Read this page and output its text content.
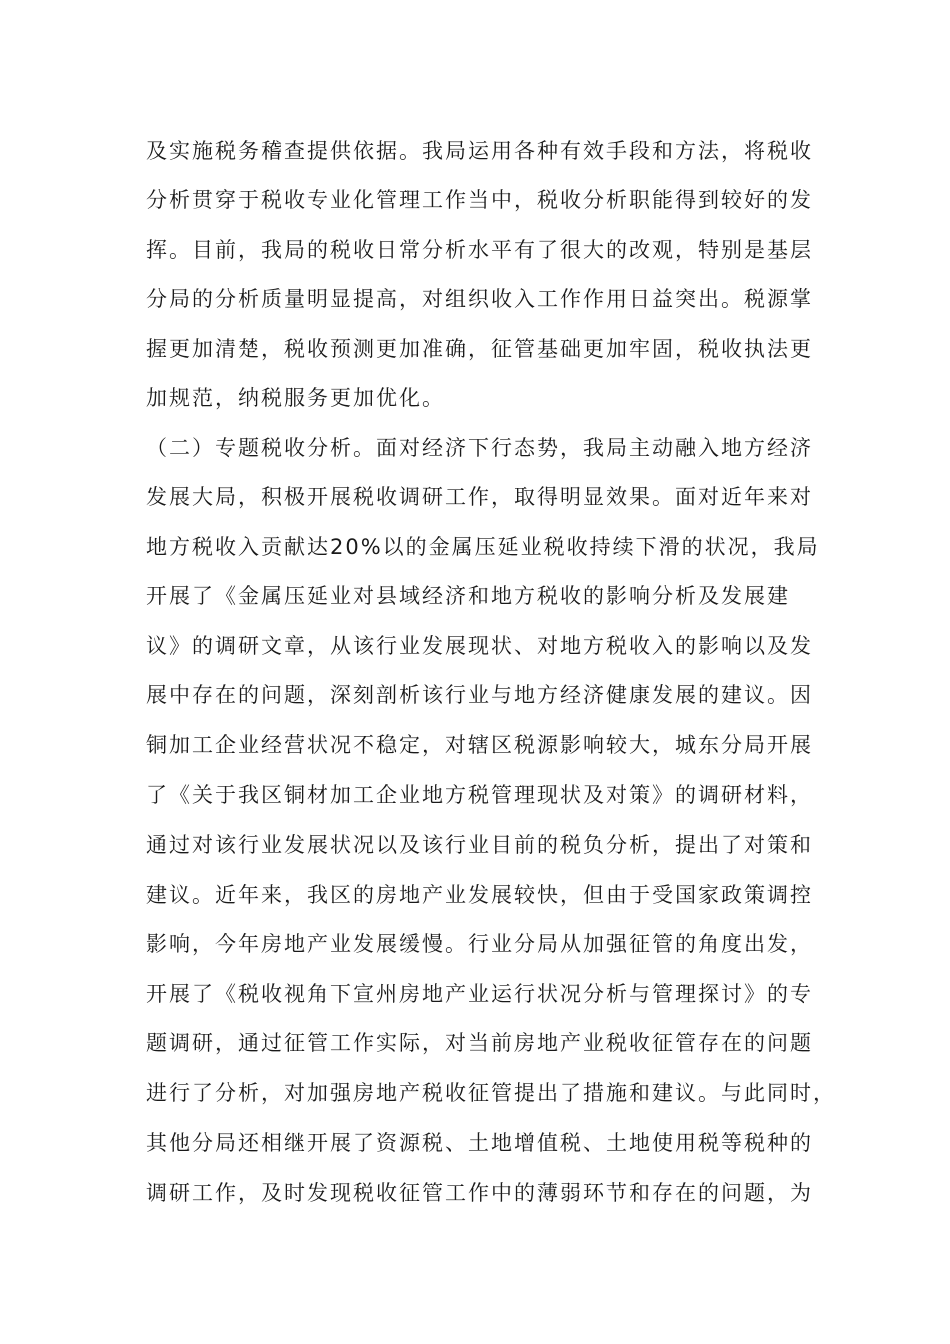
及实施税务稽查提供依据。我局运用各种有效手段和方法，将税收
分析贯穿于税收专业化管理工作当中，税收分析职能得到较好的发
挥。目前，我局的税收日常分析水平有了很大的改观，特别是基层
分局的分析质量明显提高，对组织收入工作作用日益突出。税源掌
握更加清楚，税收预测更加准确，征管基础更加牢固，税收执法更
加规范，纳税服务更加优化。
（二）专题税收分析。面对经济下行态势，我局主动融入地方经济
发展大局，积极开展税收调研工作，取得明显效果。面对近年来对
地方税收入贡献达20%以的金属压延业税收持续下滑的状况，我局
开展了《金属压延业对县域经济和地方税收的影响分析及发展建
议》的调研文章，从该行业发展现状、对地方税收入的影响以及发
展中存在的问题，深刻剖析该行业与地方经济健康发展的建议。因
铜加工企业经营状况不稳定，对辖区税源影响较大，城东分局开展
了《关于我区铜材加工企业地方税管理现状及对策》的调研材料，
通过对该行业发展状况以及该行业目前的税负分析，提出了对策和
建议。近年来，我区的房地产业发展较快，但由于受国家政策调控
影响，今年房地产业发展缓慢。行业分局从加强征管的角度出发，
开展了《税收视角下宣州房地产业运行状况分析与管理探讨》的专
题调研，通过征管工作实际，对当前房地产业税收征管存在的问题
进行了分析，对加强房地产税收征管提出了措施和建议。与此同时，
其他分局还相继开展了资源税、土地增值税、土地使用税等税种的
调研工作，及时发现税收征管工作中的薄弱环节和存在的问题，为
